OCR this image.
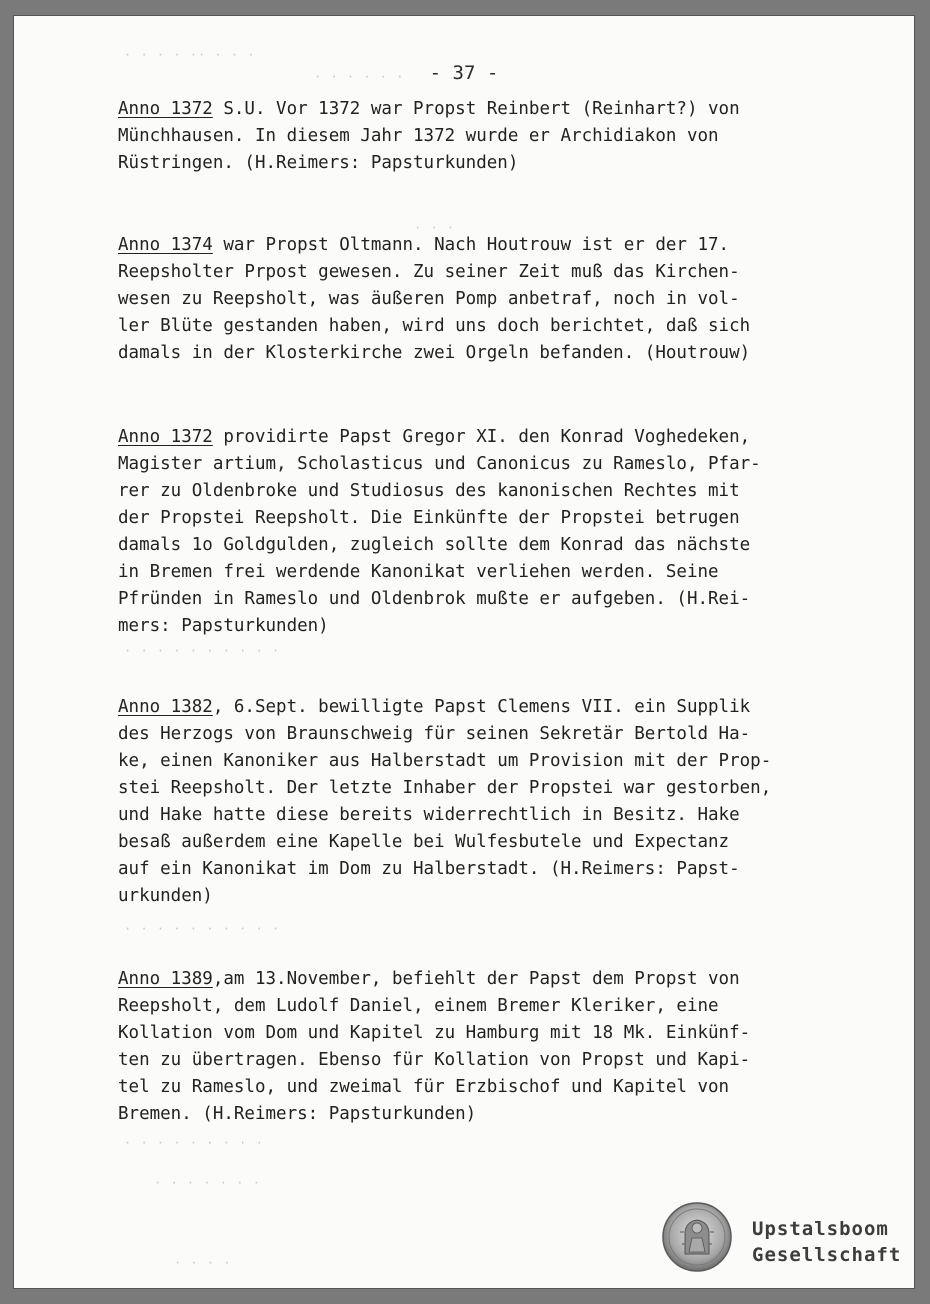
· · · · ·· · · ·
· · · · · ·
· · ·
· · · · · · · · · ·
· · · · · · · · · ·
· · · · · · · · ·
· · · · · · ·
· · · ·
- 37 -
Anno 1372 S.U. Vor 1372 war Propst Reinbert (Reinhart?) von
Münchhausen. In diesem Jahr 1372 wurde er Archidiakon von
Rüstringen. (H.Reimers: Papsturkunden)
Anno 1374 war Propst Oltmann. Nach Houtrouw ist er der 17.
Reepsholter Prpost gewesen. Zu seiner Zeit muß das Kirchen-
wesen zu Reepsholt, was äußeren Pomp anbetraf, noch in vol-
ler Blüte gestanden haben, wird uns doch berichtet, daß sich
damals in der Klosterkirche zwei Orgeln befanden. (Houtrouw)
Anno 1372 providirte Papst Gregor XI. den Konrad Voghedeken,
Magister artium, Scholasticus und Canonicus zu Rameslo, Pfar-
rer zu Oldenbroke und Studiosus des kanonischen Rechtes mit
der Propstei Reepsholt. Die Einkünfte der Propstei betrugen
damals 1o Goldgulden, zugleich sollte dem Konrad das nächste
in Bremen frei werdende Kanonikat verliehen werden. Seine
Pfründen in Rameslo und Oldenbrok mußte er aufgeben. (H.Rei-
mers: Papsturkunden)
Anno 1382, 6.Sept. bewilligte Papst Clemens VII. ein Supplik
des Herzogs von Braunschweig für seinen Sekretär Bertold Ha-
ke, einen Kanoniker aus Halberstadt um Provision mit der Prop-
stei Reepsholt. Der letzte Inhaber der Propstei war gestorben,
und Hake hatte diese bereits widerrechtlich in Besitz. Hake
besaß außerdem eine Kapelle bei Wulfesbutele und Expectanz
auf ein Kanonikat im Dom zu Halberstadt. (H.Reimers: Papst-
urkunden)
Anno 1389,am 13.November, befiehlt der Papst dem Propst von
Reepsholt, dem Ludolf Daniel, einem Bremer Kleriker, eine
Kollation vom Dom und Kapitel zu Hamburg mit 18 Mk. Einkünf-
ten zu übertragen. Ebenso für Kollation von Propst und Kapi-
tel zu Rameslo, und zweimal für Erzbischof und Kapitel von
Bremen. (H.Reimers: Papsturkunden)
Upstalsboom
Gesellschaft
